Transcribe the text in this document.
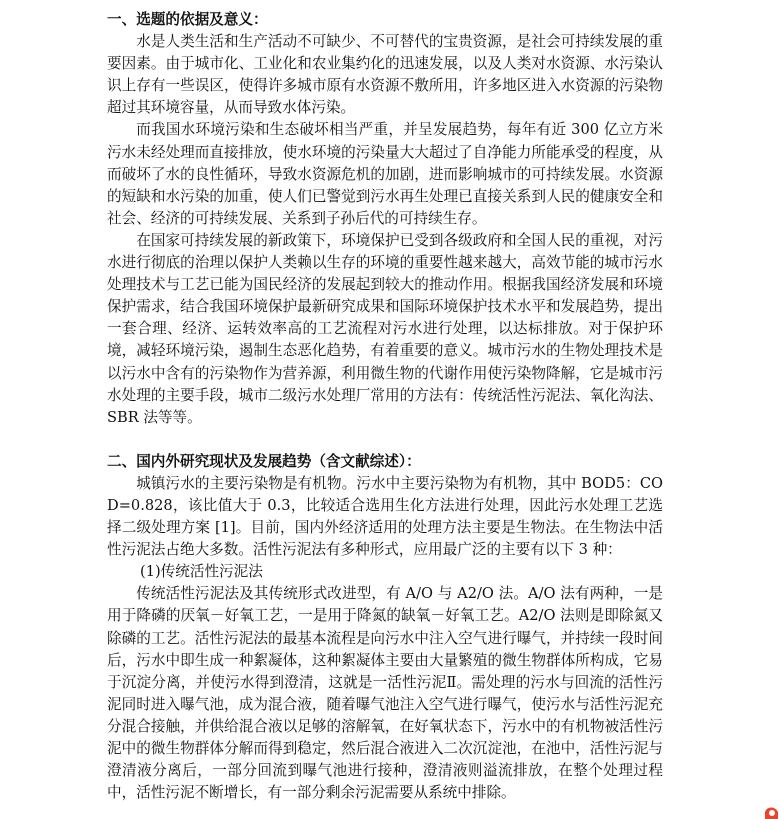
一、选题的依据及意义：

水是人类生活和生产活动不可缺少、不可替代的宝贵资源，是社会可持续发展的重要因素。由于城市化、工业化和农业集约化的迅速发展，以及人类对水资源、水污染认识上存有一些误区，使得许多城市原有水资源不敷所用，许多地区进入水资源的污染物超过其环境容量，从而导致水体污染。

而我国水环境污染和生态破坏相当严重，并呈发展趋势，每年有近 300 亿立方米污水未经处理而直接排放，使水环境的污染量大大超过了自净能力所能承受的程度，从而破坏了水的良性循环，导致水资源危机的加剧，进而影响城市的可持续发展。水资源的短缺和水污染的加重，使人们已警觉到污水再生处理已直接关系到人民的健康安全和社会、经济的可持续发展、关系到子孙后代的可持续生存。

在国家可持续发展的新政策下，环境保护已受到各级政府和全国人民的重视，对污水进行彻底的治理以保护人类赖以生存的环境的重要性越来越大，高效节能的城市污水处理技术与工艺已能为国民经济的发展起到较大的推动作用。根据我国经济发展和环境保护需求，结合我国环境保护最新研究成果和国际环境保护技术水平和发展趋势，提出一套合理、经济、运转效率高的工艺流程对污水进行处理，以达标排放。对于保护环境，减轻环境污染，遏制生态恶化趋势，有着重要的意义。城市污水的生物处理技术是以污水中含有的污染物作为营养源，利用微生物的代谢作用使污染物降解，它是城市污水处理的主要手段，城市二级污水处理厂常用的方法有：传统活性污泥法、氧化沟法、SBR 法等等。

二、国内外研究现状及发展趋势（含文献综述）：

城镇污水的主要污染物是有机物。污水中主要污染物为有机物，其中 BOD5：COD=0.828，该比值大于 0.3，比较适合选用生化方法进行处理，因此污水处理工艺选择二级处理方案 [1]。目前，国内外经济适用的处理方法主要是生物法。在生物法中活性污泥法占绝大多数。活性污泥法有多种形式，应用最广泛的主要有以下 3 种：

(1)传统活性污泥法

传统活性污泥法及其传统形式改进型，有 A/O 与 A2/O 法。A/O 法有两种，一是用于降磷的厌氧－好氧工艺，一是用于降氮的缺氧－好氧工艺。A2/O 法则是即除氮又除磷的工艺。活性污泥法的最基本流程是向污水中注入空气进行曝气，并持续一段时间后，污水中即生成一种絮凝体，这种絮凝体主要由大量繁殖的微生物群体所构成，它易于沉淀分离，并使污水得到澄清，这就是一活性污泥Ⅱ。需处理的污水与回流的活性污泥同时进入曝气池，成为混合液，随着曝气池注入空气进行曝气，使污水与活性污泥充分混合接触，并供给混合液以足够的溶解氧，在好氧状态下，污水中的有机物被活性污泥中的微生物群体分解而得到稳定，然后混合液进入二次沉淀池，在池中，活性污泥与澄清液分离后，一部分回流到曝气池进行接种，澄清液则溢流排放，在整个处理过程中，活性污泥不断增长，有一部分剩余污泥需要从系统中排除。
